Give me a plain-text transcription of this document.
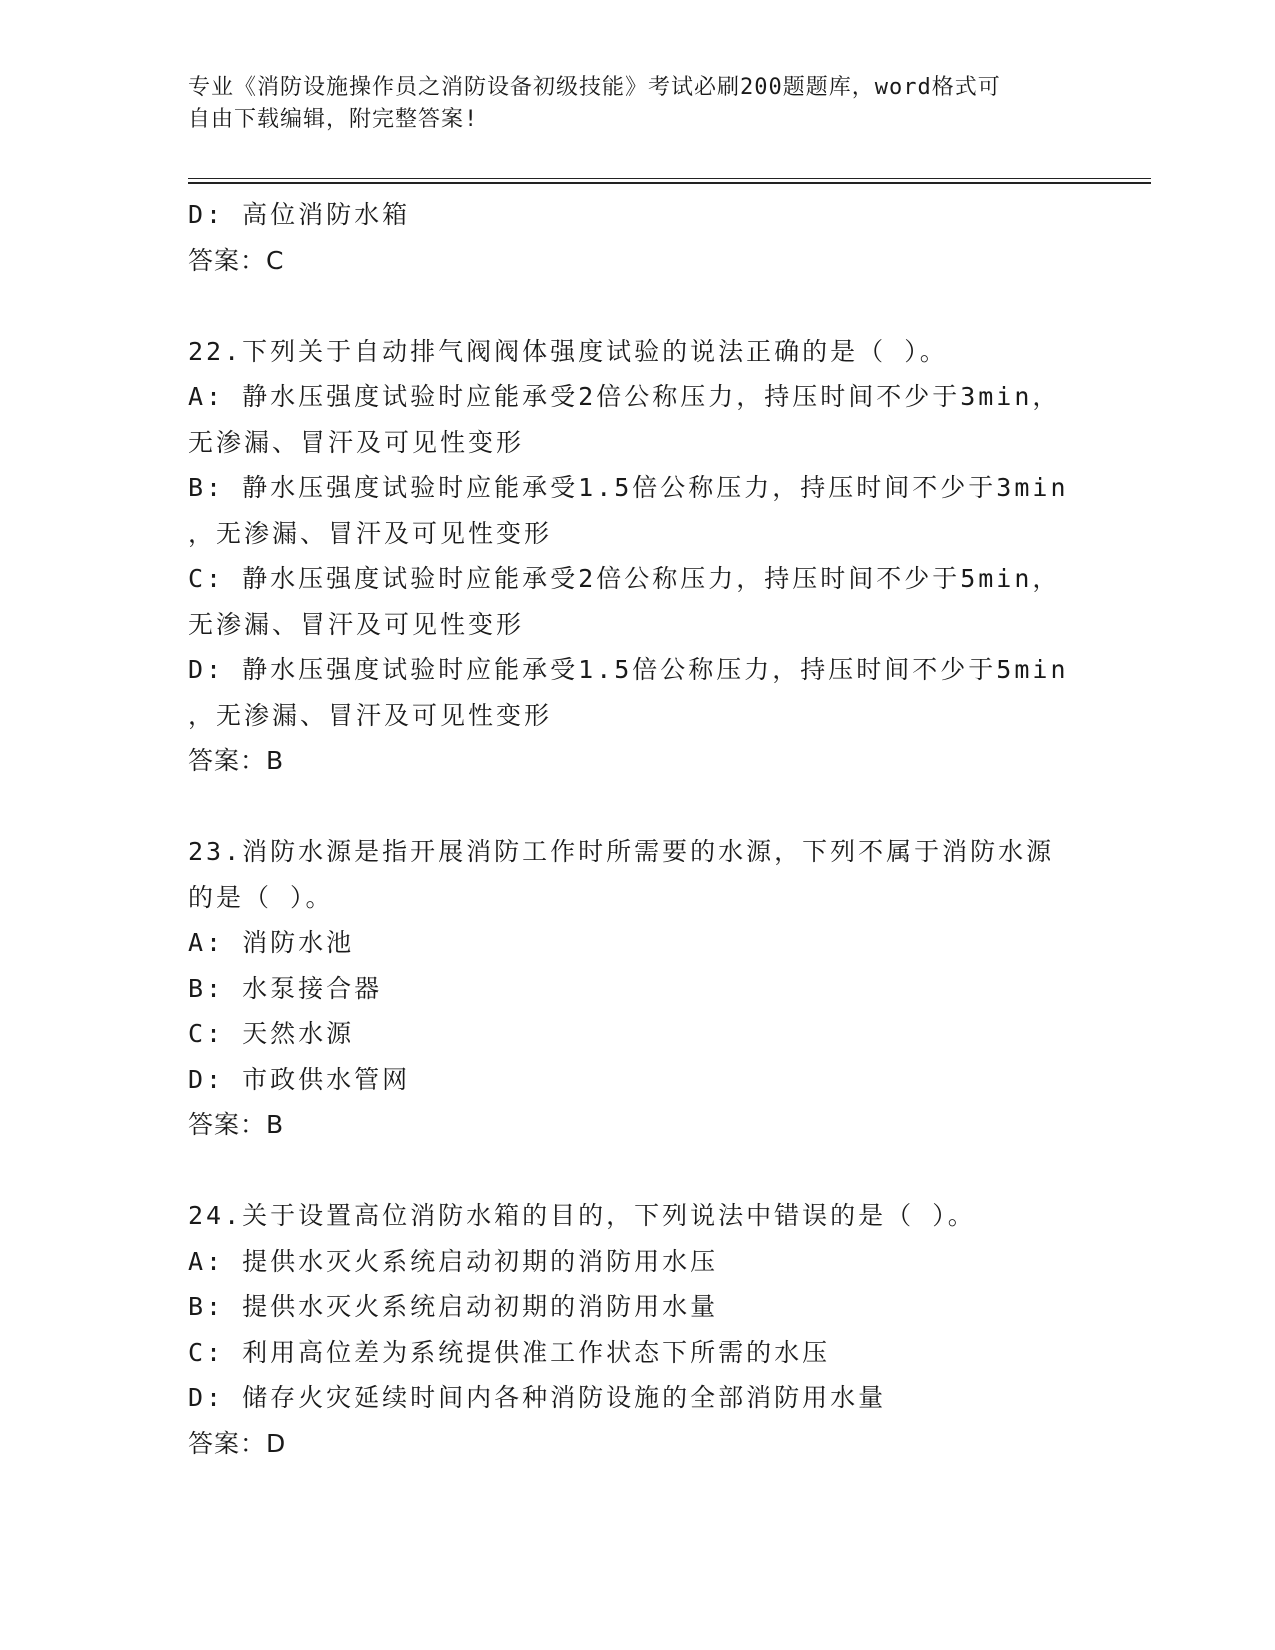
专业《消防设施操作员之消防设备初级技能》考试必刷200题题库，word格式可
自由下载编辑，附完整答案!
D: 高位消防水箱
答案：C
22.下列关于自动排气阀阀体强度试验的说法正确的是（ ）。
A: 静水压强度试验时应能承受2倍公称压力，持压时间不少于3min，
无渗漏、冒汗及可见性变形
B: 静水压强度试验时应能承受1.5倍公称压力，持压时间不少于3min
，无渗漏、冒汗及可见性变形
C: 静水压强度试验时应能承受2倍公称压力，持压时间不少于5min，
无渗漏、冒汗及可见性变形
D: 静水压强度试验时应能承受1.5倍公称压力，持压时间不少于5min
，无渗漏、冒汗及可见性变形
答案：B
23.消防水源是指开展消防工作时所需要的水源，下列不属于消防水源
的是（ ）。
A: 消防水池
B: 水泵接合器
C: 天然水源
D: 市政供水管网
答案：B
24.关于设置高位消防水箱的目的，下列说法中错误的是（ ）。
A: 提供水灭火系统启动初期的消防用水压
B: 提供水灭火系统启动初期的消防用水量
C: 利用高位差为系统提供准工作状态下所需的水压
D: 储存火灾延续时间内各种消防设施的全部消防用水量
答案：D
